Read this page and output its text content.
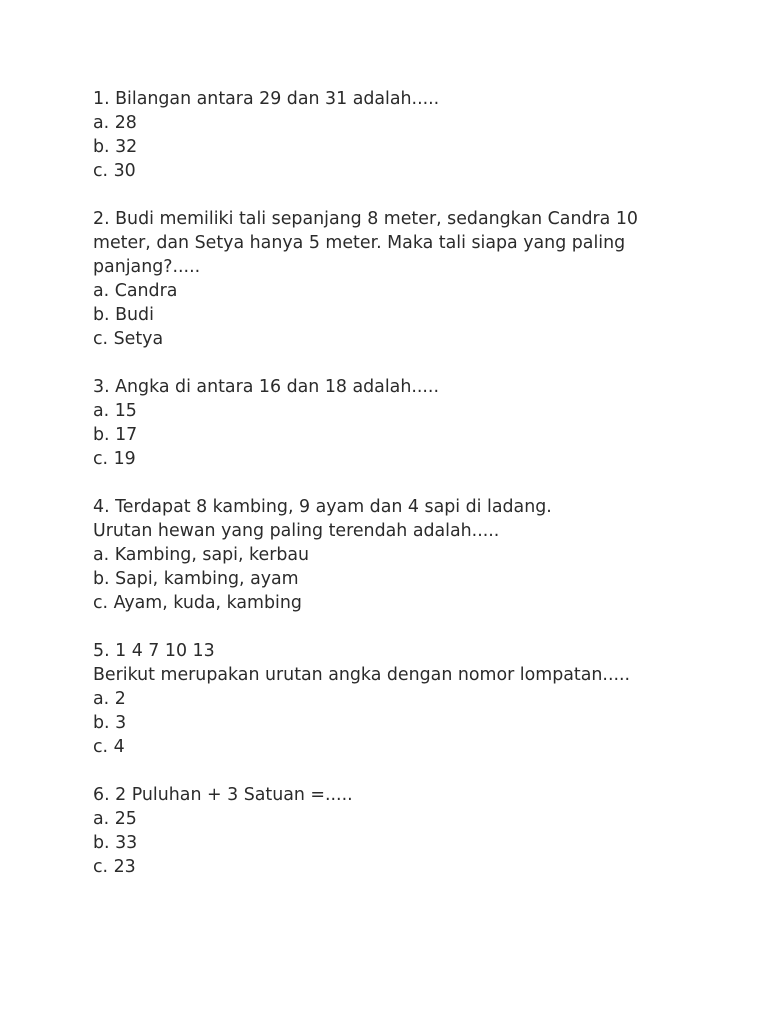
1. Bilangan antara 29 dan 31 adalah.....
a. 28
b. 32
c. 30
2. Budi memiliki tali sepanjang 8 meter, sedangkan Candra 10
meter, dan Setya hanya 5 meter. Maka tali siapa yang paling
panjang?.....
a. Candra
b. Budi
c. Setya
3. Angka di antara 16 dan 18 adalah.....
a. 15
b. 17
c. 19
4. Terdapat 8 kambing, 9 ayam dan 4 sapi di ladang.
Urutan hewan yang paling terendah adalah.....
a. Kambing, sapi, kerbau
b. Sapi, kambing, ayam
c. Ayam, kuda, kambing
5. 1 4 7 10 13
Berikut merupakan urutan angka dengan nomor lompatan.....
a. 2
b. 3
c. 4
6. 2 Puluhan + 3 Satuan =.....
a. 25
b. 33
c. 23
